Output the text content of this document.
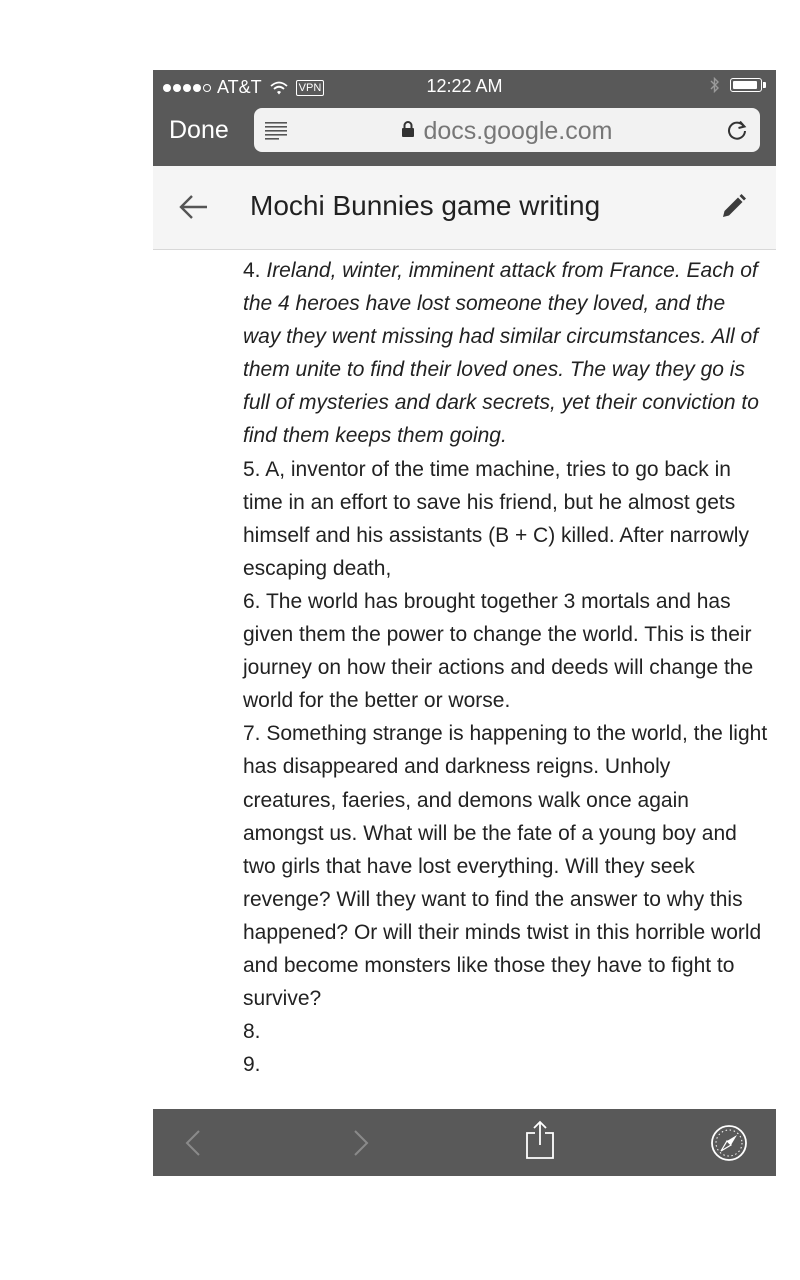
AT&T	VPN	12:22 AM
Done	docs.google.com
Mochi Bunnies game writing

4. Ireland, winter, imminent attack from France. Each of the 4 heroes have lost someone they loved, and the way they went missing had similar circumstances. All of them unite to find their loved ones. The way they go is full of mysteries and dark secrets, yet their conviction to find them keeps them going.

5. A, inventor of the time machine, tries to go back in time in an effort to save his friend, but he almost gets himself and his assistants (B + C) killed. After narrowly escaping death,

6. The world has brought together 3 mortals and has given them the power to change the world. This is their journey on how their actions and deeds will change the world for the better or worse.

7. Something strange is happening to the world, the light has disappeared and darkness reigns. Unholy creatures, faeries, and demons walk once again amongst us. What will be the fate of a young boy and two girls that have lost everything. Will they seek revenge? Will they want to find the answer to why this happened? Or will their minds twist in this horrible world and become monsters like those they have to fight to survive?

8.

9.
